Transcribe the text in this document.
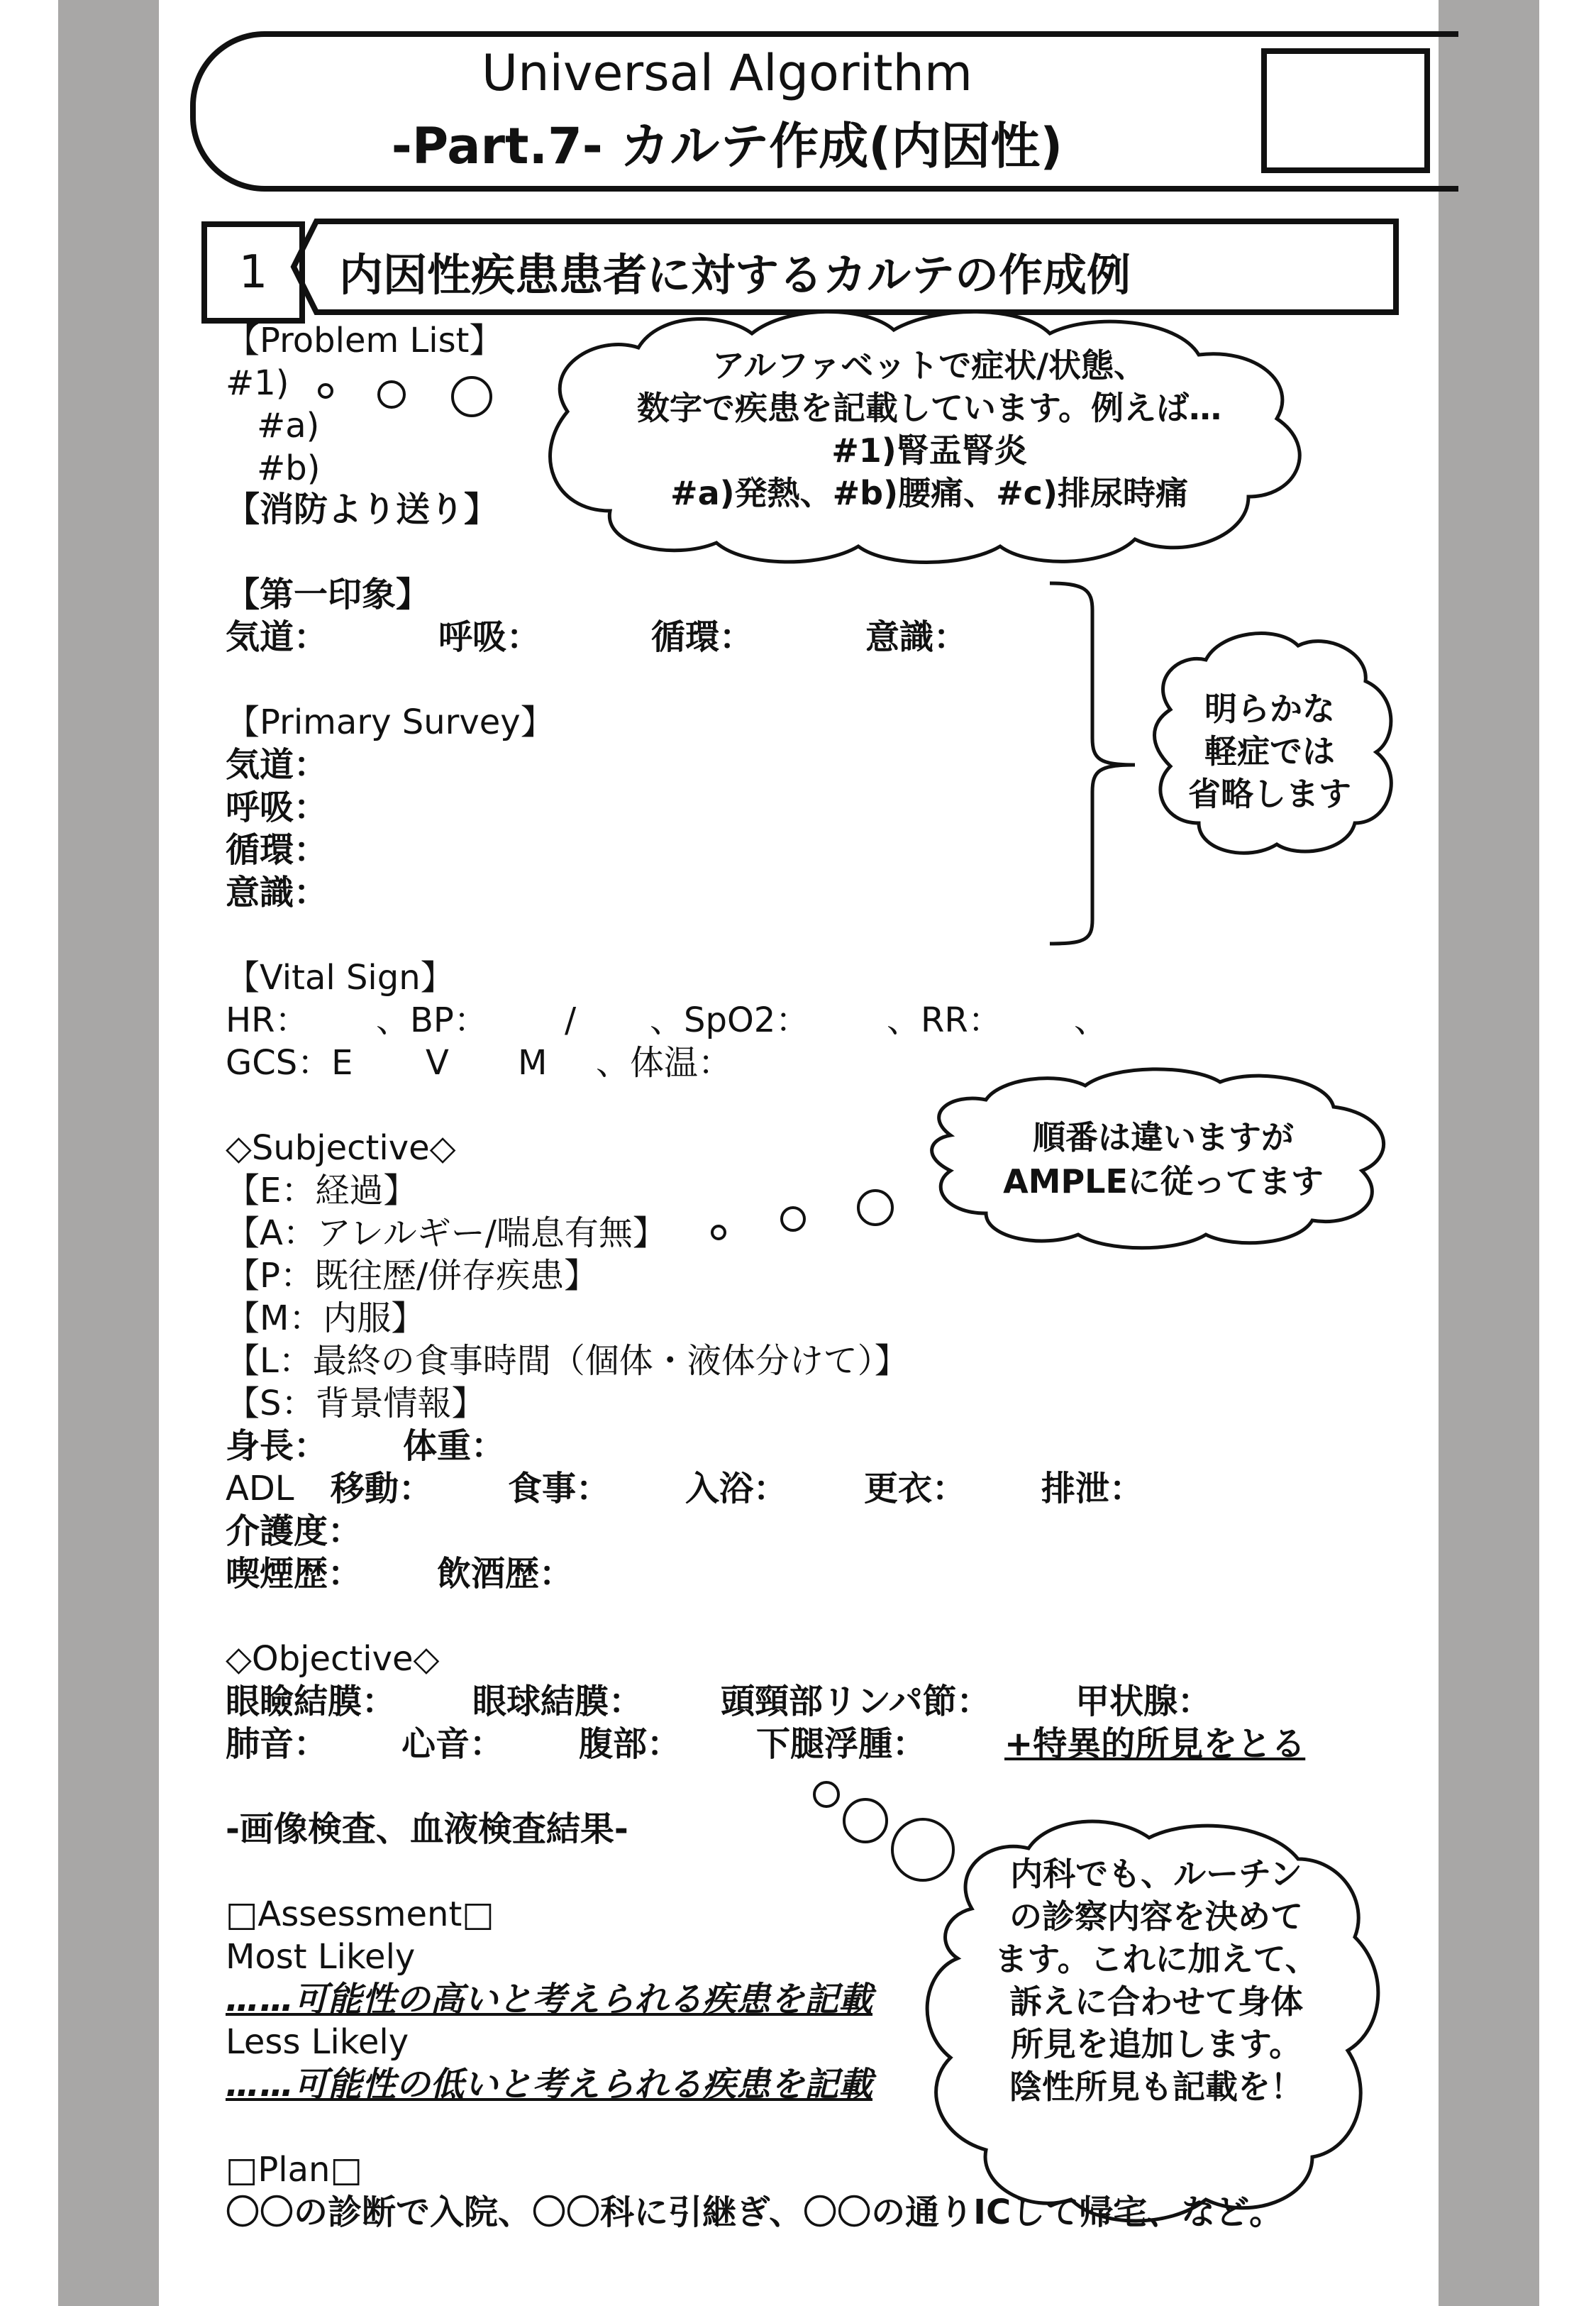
Universal Algorithm
-Part.7- カルテ作成(内因性)
1	内因性疾患患者に対するカルテの作成例
【Problem List】
#1)
#a)
#b)
【消防より送り】
アルファベットで症状/状態、
数字で疾患を記載しています。例えば…
#1)腎盂腎炎
#a)発熱、#b)腰痛、#c)排尿時痛
【第一印象】
気道：	呼吸：	循環：	意識：
【Primary Survey】
気道：
呼吸：
循環：
意識：
明らかな
軽症では
省略します
【Vital Sign】
HR： 、BP： / 、SpO2： 、RR： 、
GCS：E V M 、体温：
順番は違いますが
AMPLEに従ってます
◇Subjective◇
【E：経過】
【A：アレルギー/喘息有無】
【P：既往歴/併存疾患】
【M：内服】
【L：最終の食事時間（個体・液体分けて）】
【S：背景情報】
身長： 体重：
ADL 移動： 食事： 入浴： 更衣： 排泄：
介護度：
喫煙歴： 飲酒歴：
◇Objective◇
眼瞼結膜： 眼球結膜： 頭頸部リンパ節： 甲状腺：
肺音： 心音： 腹部： 下腿浮腫： +特異的所見をとる
-画像検査、血液検査結果-
内科でも、ルーチン
の診察内容を決めて
ます。これに加えて、
訴えに合わせて身体
所見を追加します。
陰性所見も記載を！
□Assessment□
Most Likely
……可能性の高いと考えられる疾患を記載
Less Likely
……可能性の低いと考えられる疾患を記載
□Plan□
〇〇の診断で入院、〇〇科に引継ぎ、〇〇の通りICして帰宅、など。
